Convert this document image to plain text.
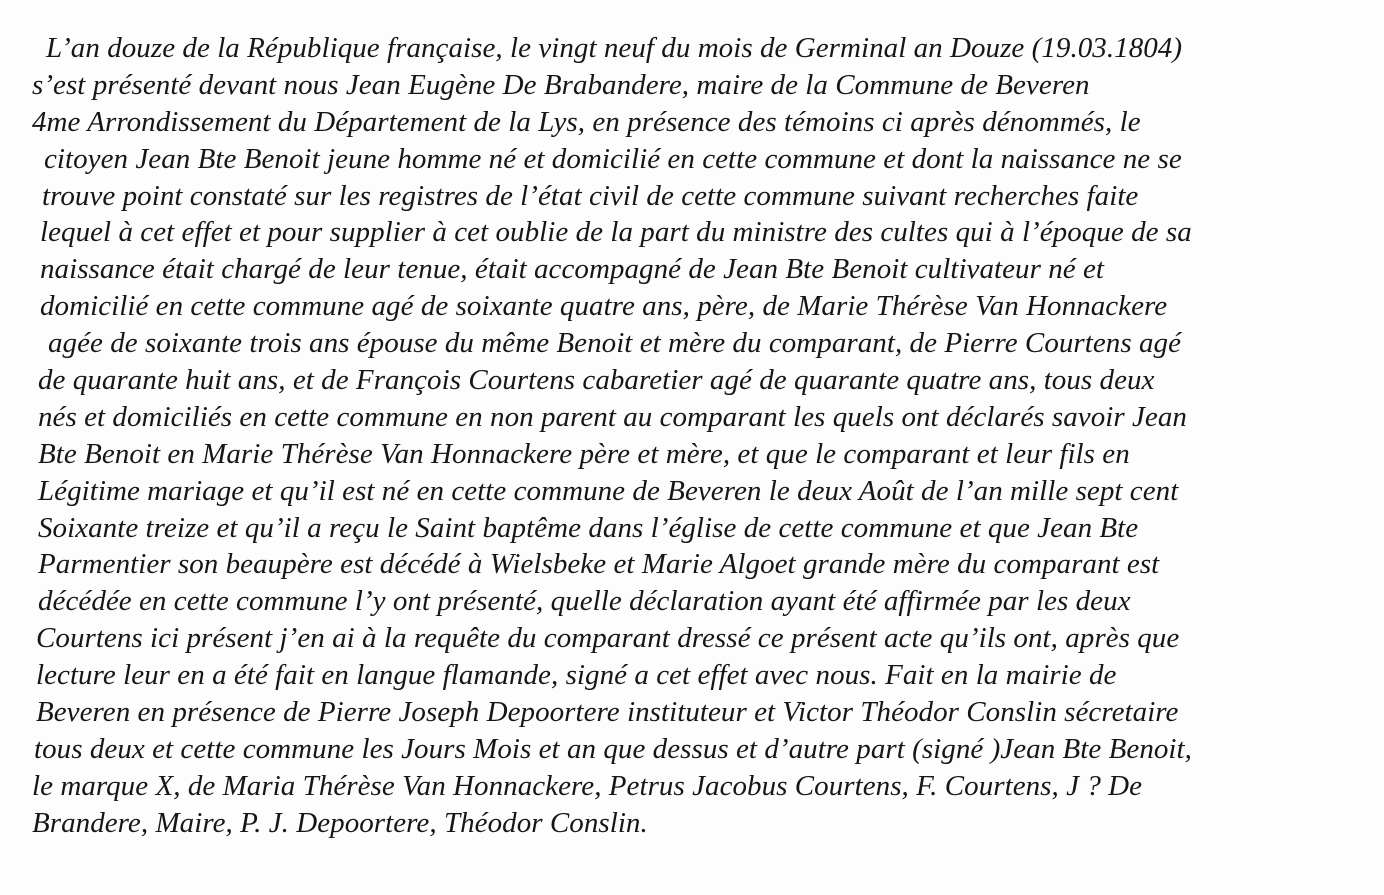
L’an douze de la République française, le vingt neuf du mois de Germinal an Douze (19.03.1804)
s’est présenté devant nous Jean Eugène De Brabandere, maire de la Commune de Beveren
4me Arrondissement du Département de la Lys, en présence des témoins ci après dénommés, le
citoyen Jean Bte Benoit jeune homme né et domicilié en cette commune et dont la naissance ne se
trouve point constaté sur les registres de l’état civil de cette commune suivant recherches faite
lequel à cet effet et pour supplier à cet oublie de la part du ministre des cultes qui à l’époque de sa
naissance était chargé de leur tenue, était accompagné de Jean Bte Benoit cultivateur né et
domicilié en cette commune agé de soixante quatre ans, père, de Marie Thérèse Van Honnackere
agée de soixante trois ans épouse du même Benoit et mère du comparant, de Pierre Courtens agé
de quarante huit ans, et de François Courtens cabaretier agé de quarante quatre ans, tous deux
nés et domiciliés en cette commune en non parent au comparant les quels ont déclarés savoir Jean
Bte Benoit en Marie Thérèse Van Honnackere père et mère, et que le comparant et leur fils en
Légitime mariage et qu’il est né en cette commune de Beveren le deux Août de l’an mille sept cent
Soixante treize et qu’il a reçu le Saint baptême dans l’église de cette commune et que Jean Bte
Parmentier son beaupère est décédé à Wielsbeke et Marie Algoet grande mère du comparant est
décédée en cette commune l’y ont présenté, quelle déclaration ayant été affirmée par les deux
Courtens ici présent j’en ai à la requête du comparant dressé ce présent acte qu’ils ont, après que
lecture leur en a été fait en langue flamande, signé a cet effet avec nous. Fait en la mairie de
Beveren en présence de Pierre Joseph Depoortere instituteur et Victor Théodor Conslin sécretaire
tous deux et cette commune les Jours Mois et an que dessus et d’autre part (signé )Jean Bte Benoit,
le marque X, de Maria Thérèse Van Honnackere, Petrus Jacobus Courtens, F. Courtens, J ? De
Brandere, Maire, P. J. Depoortere, Théodor Conslin.
